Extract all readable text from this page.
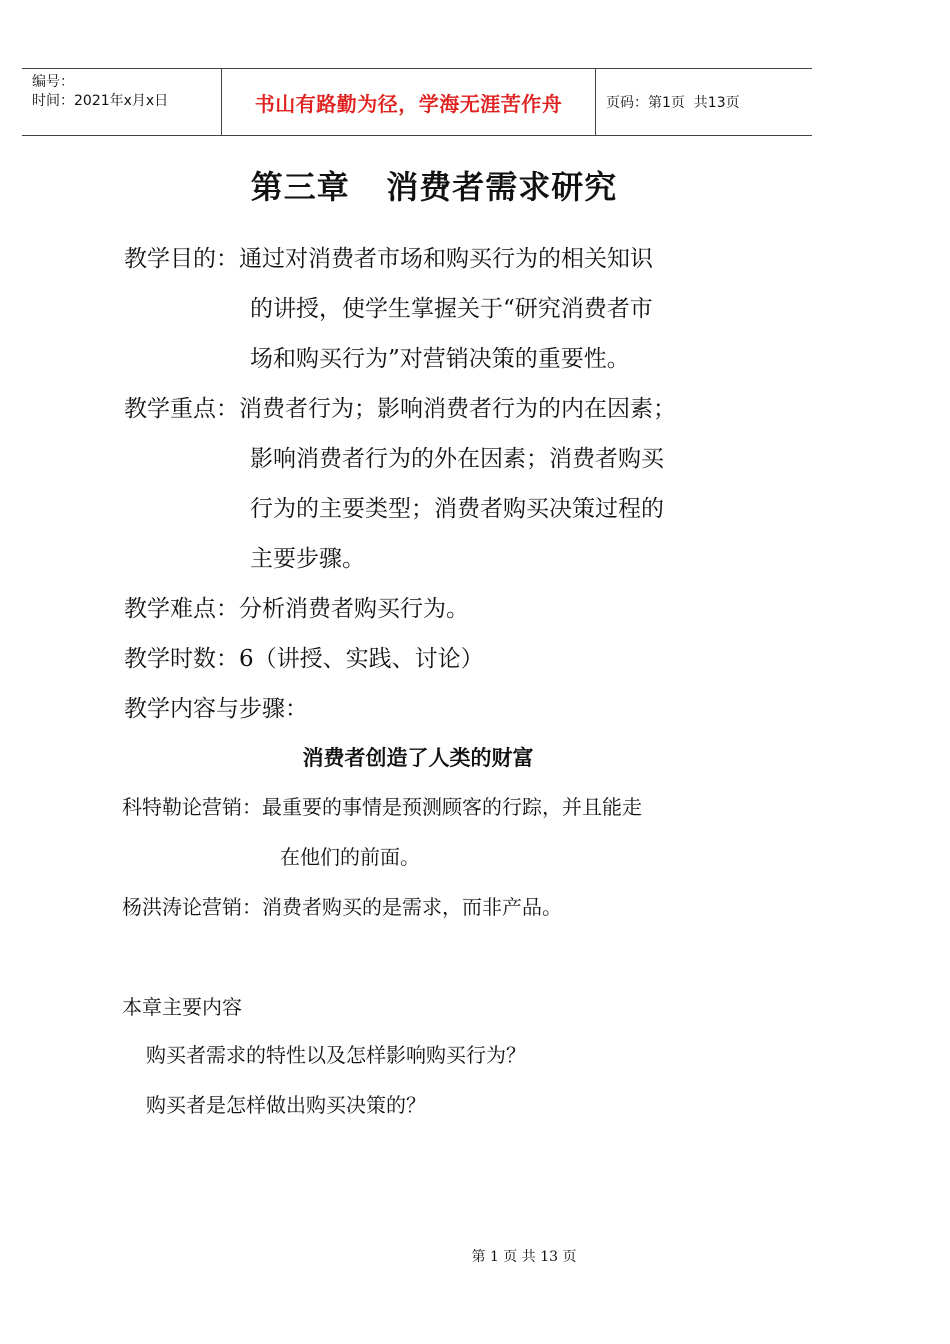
编号：
时间：2021年x月x日	书山有路勤为径，学海无涯苦作舟	页码：第1页  共13页
第三章   消费者需求研究
教学目的：通过对消费者市场和购买行为的相关知识
的讲授，使学生掌握关于“研究消费者市
场和购买行为”对营销决策的重要性。
教学重点：消费者行为；影响消费者行为的内在因素；
影响消费者行为的外在因素；消费者购买
行为的主要类型；消费者购买决策过程的
主要步骤。
教学难点：分析消费者购买行为。
教学时数：6（讲授、实践、讨论）
教学内容与步骤：
消费者创造了人类的财富
科特勒论营销：最重要的事情是预测顾客的行踪，并且能走
在他们的前面。
杨洪涛论营销：消费者购买的是需求，而非产品。
本章主要内容
购买者需求的特性以及怎样影响购买行为？
购买者是怎样做出购买决策的？
第 1 页 共 13 页
